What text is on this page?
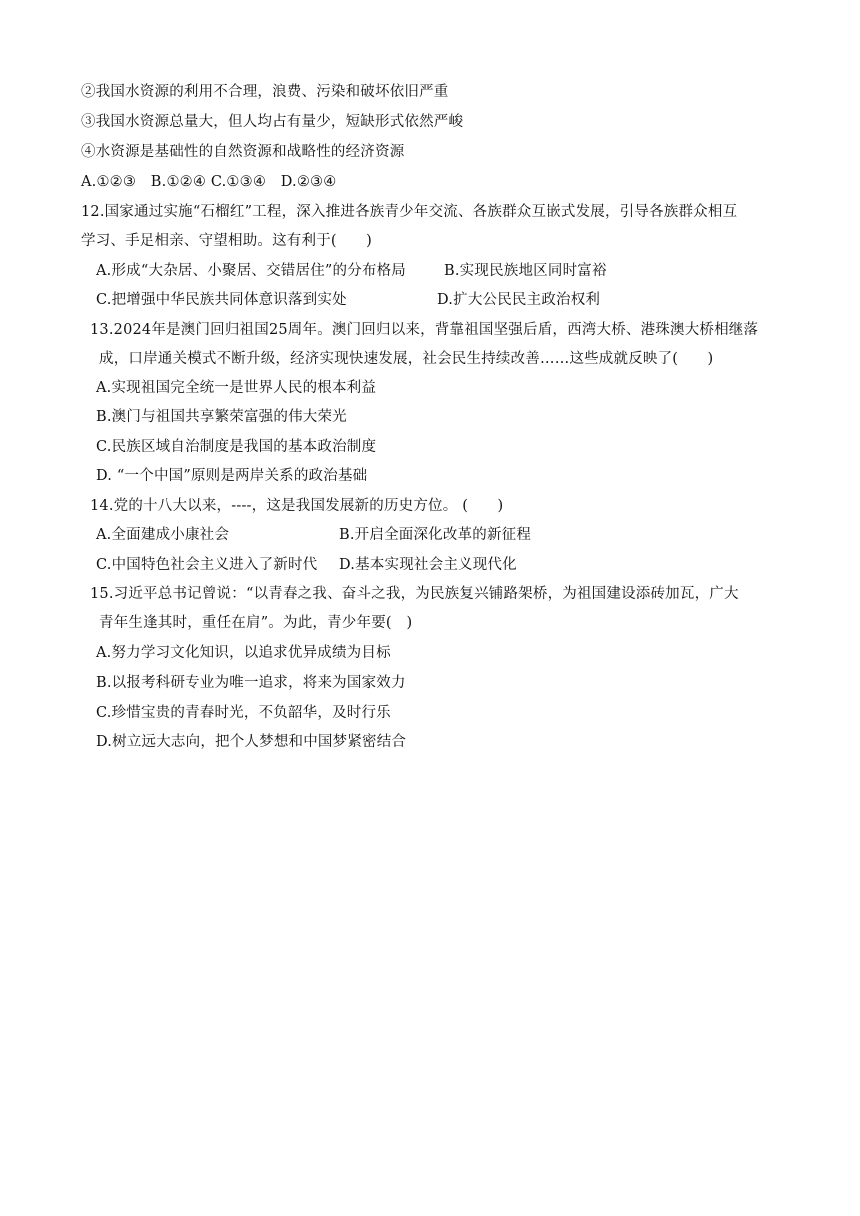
②我国水资源的利用不合理，浪费、污染和破坏依旧严重
③我国水资源总量大，但人均占有量少，短缺形式依然严峻
④水资源是基础性的自然资源和战略性的经济资源
A.①②③　B.①②④ C.①③④　D.②③④
12.国家通过实施“石榴红”工程，深入推进各族青少年交流、各族群众互嵌式发展，引导各族群众相互
学习、手足相亲、守望相助。这有利于(　　)
A.形成“大杂居、小聚居、交错居住”的分布格局	B.实现民族地区同时富裕
C.把增强中华民族共同体意识落到实处	D.扩大公民民主政治权利
13.2024年是澳门回归祖国25周年。澳门回归以来，背靠祖国坚强后盾，西湾大桥、港珠澳大桥相继落
成，口岸通关模式不断升级，经济实现快速发展，社会民生持续改善……这些成就反映了(　　)
A.实现祖国完全统一是世界人民的根本利益
B.澳门与祖国共享繁荣富强的伟大荣光
C.民族区域自治制度是我国的基本政治制度
D. “一个中国”原则是两岸关系的政治基础
14.党的十八大以来，----，这是我国发展新的历史方位。 (　　)
A.全面建成小康社会	B.开启全面深化改革的新征程
C.中国特色社会主义进入了新时代 D.基本实现社会主义现代化
15.习近平总书记曾说：“以青春之我、奋斗之我，为民族复兴铺路架桥，为祖国建设添砖加瓦，广大
青年生逢其时，重任在肩”。为此，青少年要(　)
A.努力学习文化知识，以追求优异成绩为目标
B.以报考科研专业为唯一追求，将来为国家效力
C.珍惜宝贵的青春时光，不负韶华，及时行乐
D.树立远大志向，把个人梦想和中国梦紧密结合
